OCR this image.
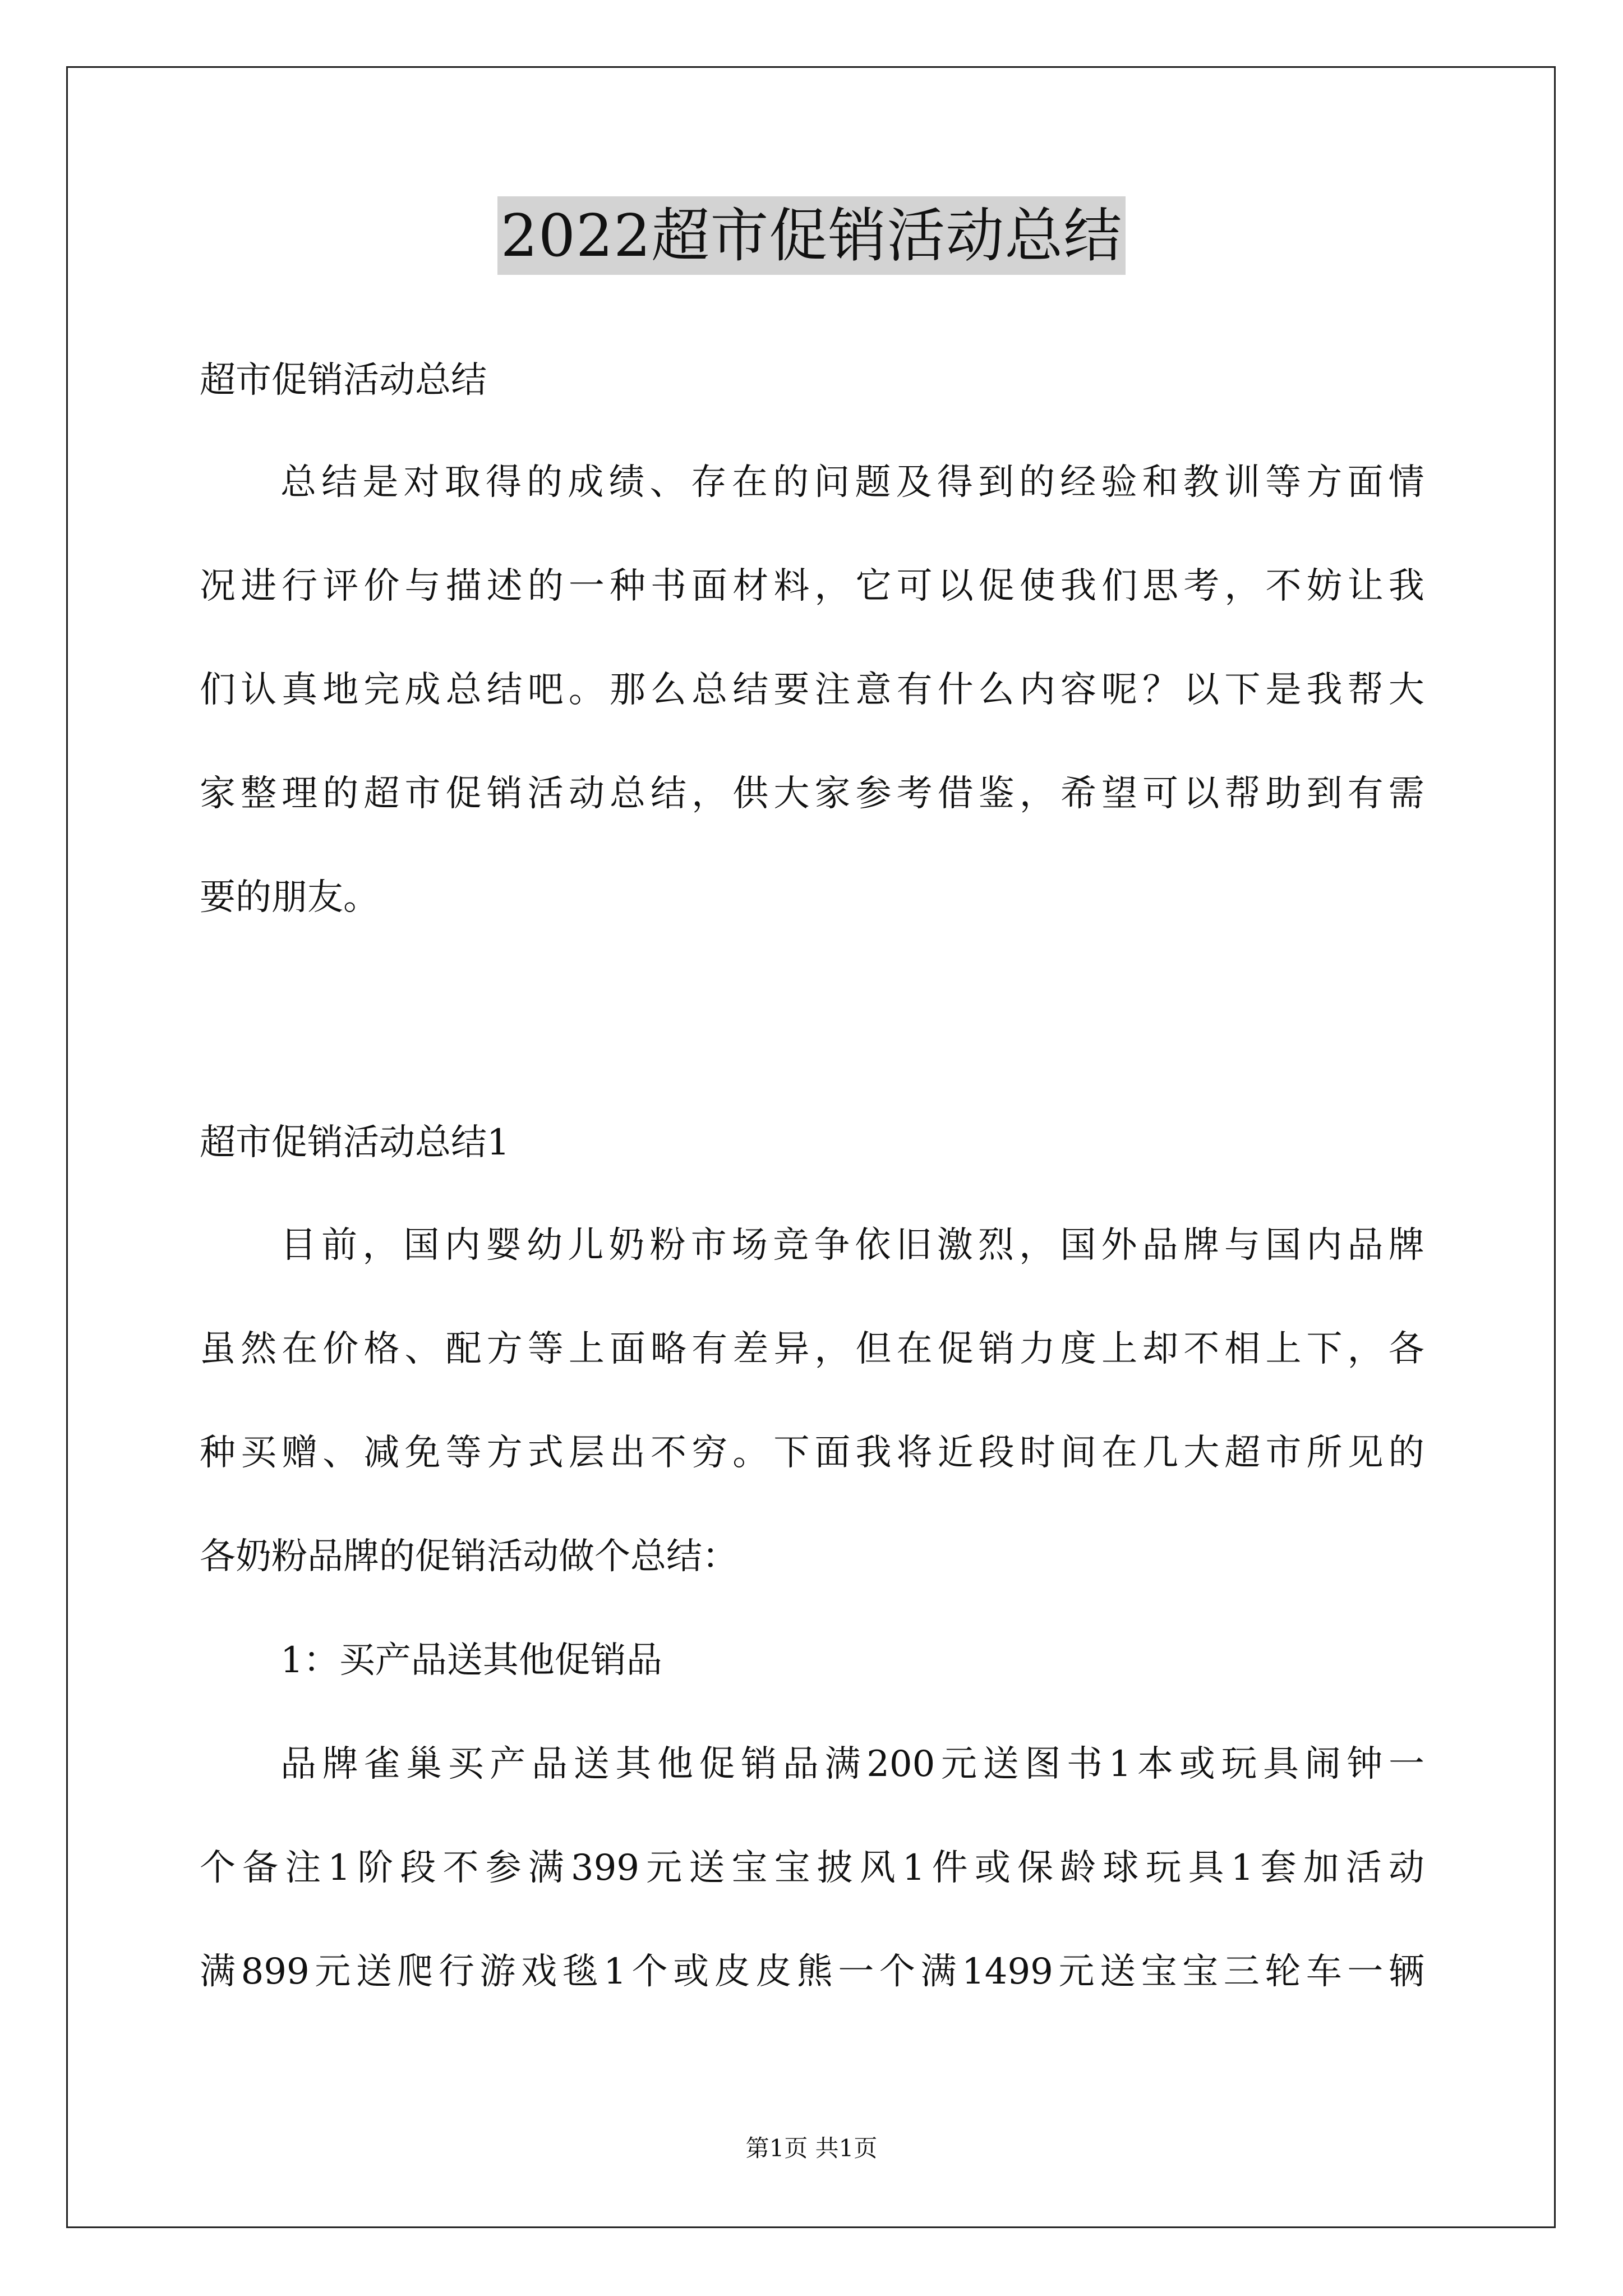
2022超市促销活动总结
超市促销活动总结
总 结 是 对 取 得 的 成 绩 、 存 在 的 问 题 及 得 到 的 经 验 和 教 训 等 方 面 情
况 进 行 评 价 与 描 述 的 一 种 书 面 材 料 ， 它 可 以 促 使 我 们 思 考 ， 不 妨 让 我
们 认 真 地 完 成 总 结 吧 。 那 么 总 结 要 注 意 有 什 么 内 容 呢 ？ 以 下 是 我 帮 大
家 整 理 的 超 市 促 销 活 动 总 结 ， 供 大 家 参 考 借 鉴 ， 希 望 可 以 帮 助 到 有 需
要的朋友。
超市促销活动总结1
目 前 ， 国 内 婴 幼 儿 奶 粉 市 场 竞 争 依 旧 激 烈 ， 国 外 品 牌 与 国 内 品 牌
虽 然 在 价 格 、 配 方 等 上 面 略 有 差 异 ， 但 在 促 销 力 度 上 却 不 相 上 下 ， 各
种 买 赠 、 减 免 等 方 式 层 出 不 穷 。 下 面 我 将 近 段 时 间 在 几 大 超 市 所 见 的
各奶粉品牌的促销活动做个总结：
1：买产品送其他促销品
品 牌 雀 巢 买 产 品 送 其 他 促 销 品 满 200 元 送 图 书 1 本 或 玩 具 闹 钟 一
个 备 注 1 阶 段 不 参 满 399 元 送 宝 宝 披 风 1 件 或 保 龄 球 玩 具 1 套 加 活 动
满 899 元 送 爬 行 游 戏 毯 1 个 或 皮 皮 熊 一 个 满 1499 元 送 宝 宝 三 轮 车 一 辆
第1页 共1页
